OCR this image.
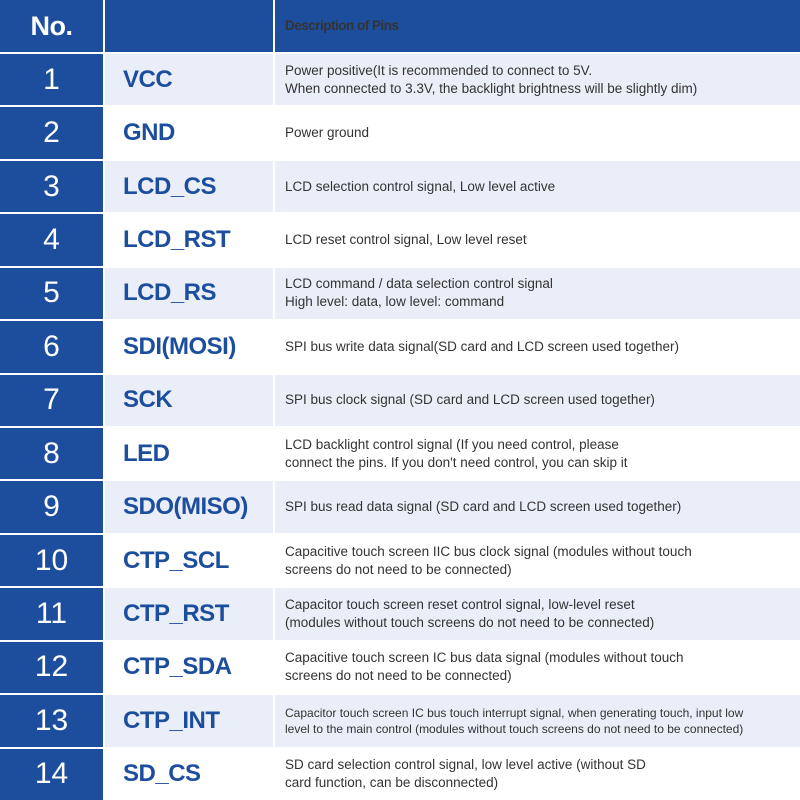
No.	Pin Lable	Description of Pins
1	VCC	Power positive(It is recommended to connect to 5V.
When connected to 3.3V, the backlight brightness will be slightly dim)
2	GND	Power ground
3	LCD_CS	LCD selection control signal, Low level active
4	LCD_RST	LCD reset control signal, Low level reset
5	LCD_RS	LCD command / data selection control signal
High level: data, low level: command
6	SDI(MOSI)	SPI bus write data signal(SD card and LCD screen used together)
7	SCK	SPI bus clock signal (SD card and LCD screen used together)
8	LED	LCD backlight control signal (If you need control, please
connect the pins. If you don't need control, you can skip it
9	SDO(MISO)	SPI bus read data signal (SD card and LCD screen used together)
10	CTP_SCL	Capacitive touch screen IIC bus clock signal (modules without touch
screens do not need to be connected)
11	CTP_RST	Capacitor touch screen reset control signal, low-level reset
(modules without touch screens do not need to be connected)
12	CTP_SDA	Capacitive touch screen IC bus data signal (modules without touch
screens do not need to be connected)
13	CTP_INT	Capacitor touch screen IC bus touch interrupt signal, when generating touch, input low
level to the main control (modules without touch screens do not need to be connected)
14	SD_CS	SD card selection control signal, low level active (without SD
card function, can be disconnected)
